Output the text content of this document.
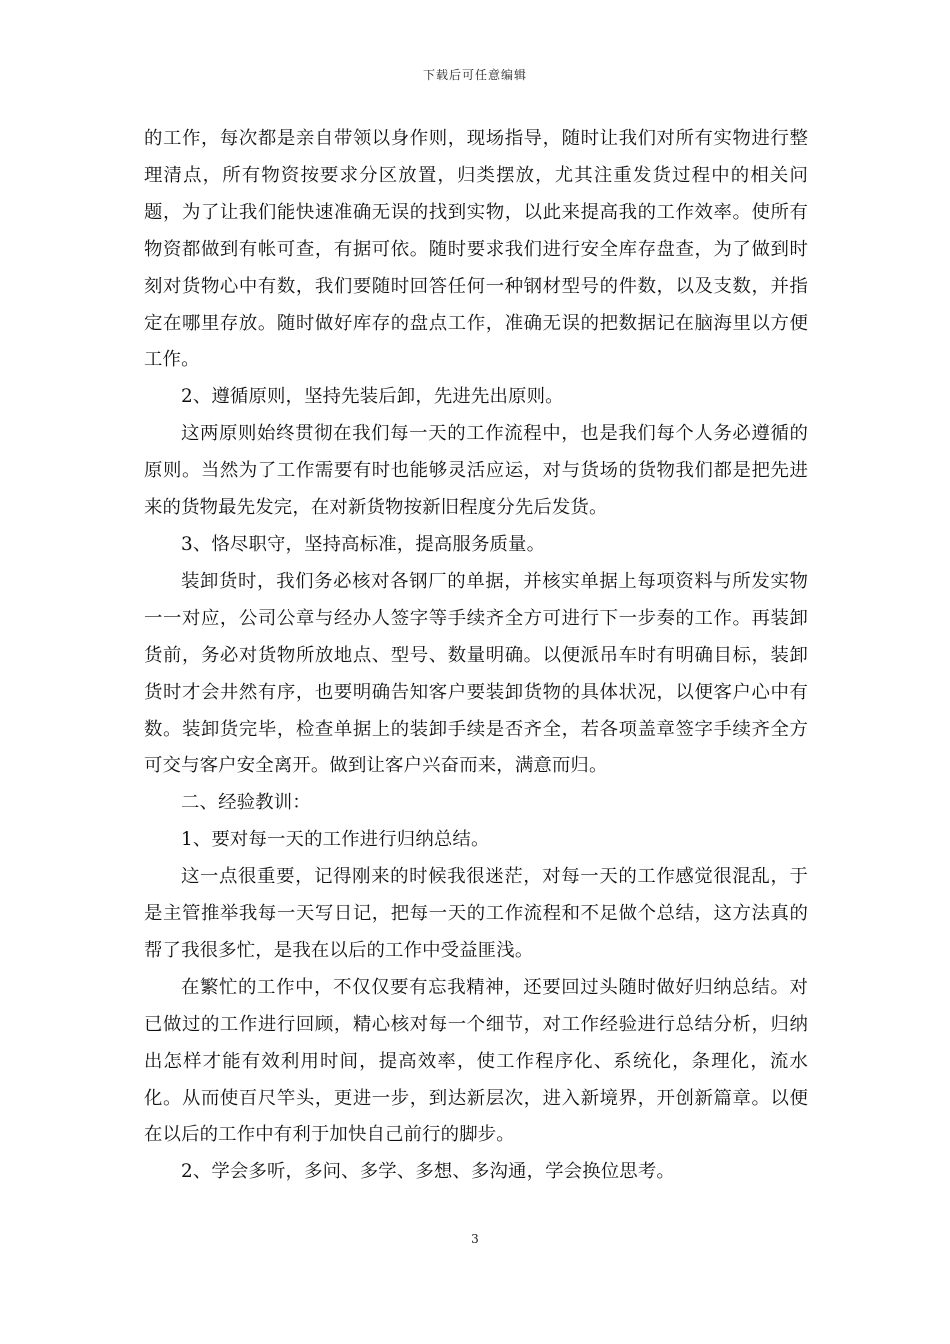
下载后可任意编辑

的工作，每次都是亲自带领以身作则，现场指导，随时让我们对所有实物进行整理清点，所有物资按要求分区放置，归类摆放，尤其注重发货过程中的相关问题，为了让我们能快速准确无误的找到实物，以此来提高我的工作效率。使所有物资都做到有帐可查，有据可依。随时要求我们进行安全库存盘查，为了做到时刻对货物心中有数，我们要随时回答任何一种钢材型号的件数，以及支数，并指定在哪里存放。随时做好库存的盘点工作，准确无误的把数据记在脑海里以方便工作。

2、遵循原则，坚持先装后卸，先进先出原则。

这两原则始终贯彻在我们每一天的工作流程中，也是我们每个人务必遵循的原则。当然为了工作需要有时也能够灵活应运，对与货场的货物我们都是把先进来的货物最先发完，在对新货物按新旧程度分先后发货。

3、恪尽职守，坚持高标准，提高服务质量。

装卸货时，我们务必核对各钢厂的单据，并核实单据上每项资料与所发实物一一对应，公司公章与经办人签字等手续齐全方可进行下一步奏的工作。再装卸货前，务必对货物所放地点、型号、数量明确。以便派吊车时有明确目标，装卸货时才会井然有序，也要明确告知客户要装卸货物的具体状况，以便客户心中有数。装卸货完毕，检查单据上的装卸手续是否齐全，若各项盖章签字手续齐全方可交与客户安全离开。做到让客户兴奋而来，满意而归。

二、经验教训：

1、要对每一天的工作进行归纳总结。

这一点很重要，记得刚来的时候我很迷茫，对每一天的工作感觉很混乱，于是主管推举我每一天写日记，把每一天的工作流程和不足做个总结，这方法真的帮了我很多忙，是我在以后的工作中受益匪浅。

在繁忙的工作中，不仅仅要有忘我精神，还要回过头随时做好归纳总结。对已做过的工作进行回顾，精心核对每一个细节，对工作经验进行总结分析，归纳出怎样才能有效利用时间，提高效率，使工作程序化、系统化，条理化，流水化。从而使百尺竿头，更进一步，到达新层次，进入新境界，开创新篇章。以便在以后的工作中有利于加快自己前行的脚步。

2、学会多听，多问、多学、多想、多沟通，学会换位思考。

3
